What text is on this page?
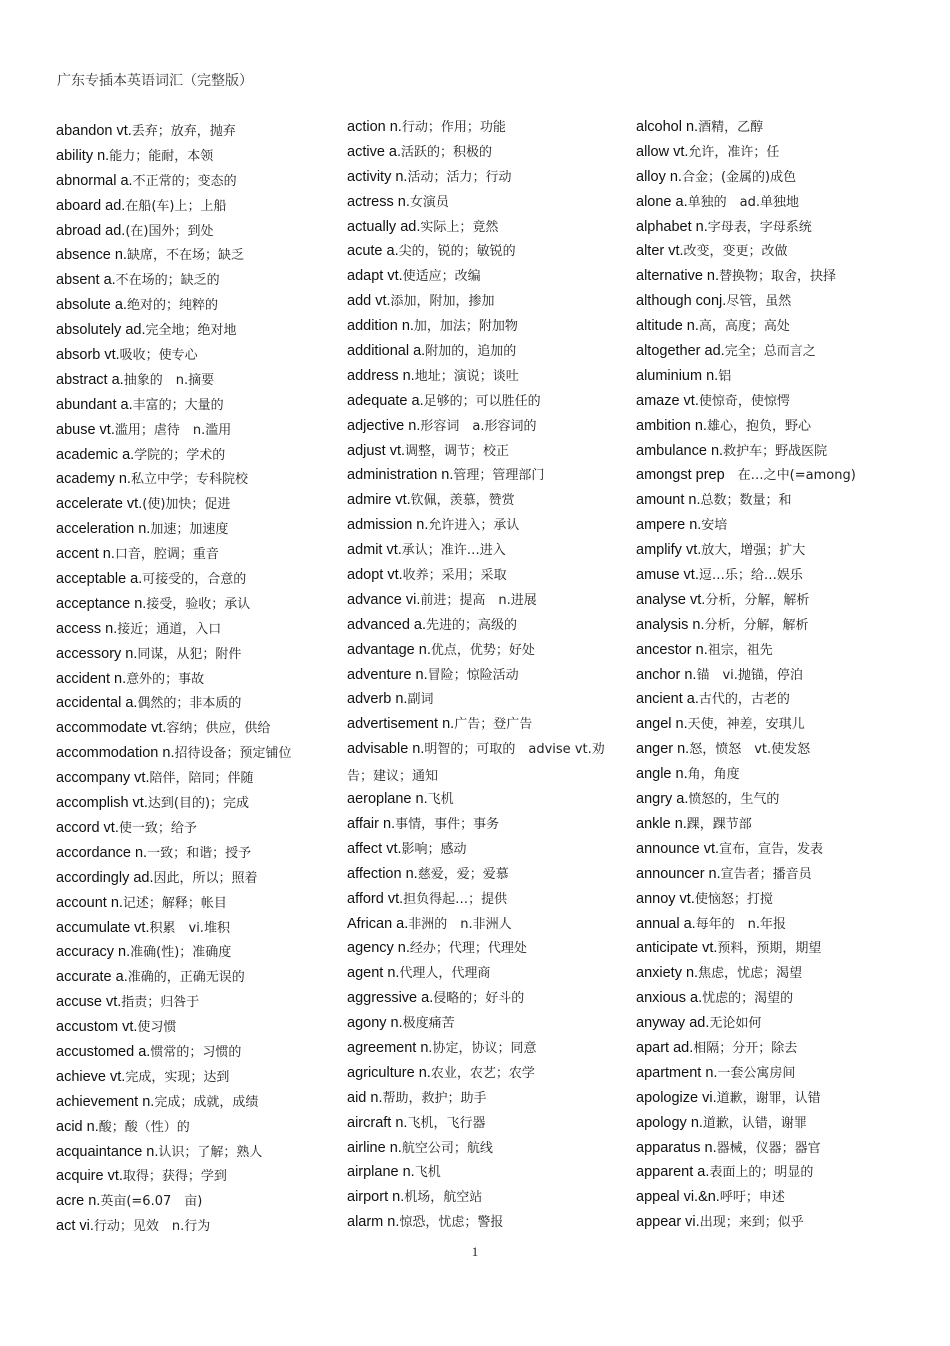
广东专插本英语词汇（完整版）
abandon vt.丢弃；放弃，抛弃
ability n.能力；能耐，本领
abnormal a.不正常的；变态的
aboard ad.在船(车)上；上船
abroad ad.(在)国外；到处
absence n.缺席，不在场；缺乏
absent a.不在场的；缺乏的
absolute a.绝对的；纯粹的
absolutely ad.完全地；绝对地
absorb vt.吸收；使专心
abstract a.抽象的　n.摘要
abundant a.丰富的；大量的
abuse vt.滥用；虐待　n.滥用
academic a.学院的；学术的
academy n.私立中学；专科院校
accelerate vt.(使)加快；促进
acceleration n.加速；加速度
accent n.口音，腔调；重音
acceptable a.可接受的，合意的
acceptance n.接受，验收；承认
access n.接近；通道，入口
accessory n.同谋，从犯；附件
accident n.意外的；事故
accidental a.偶然的；非本质的
accommodate vt.容纳；供应，供给
accommodation n.招待设备；预定铺位
accompany vt.陪伴，陪同；伴随
accomplish vt.达到(目的)；完成
accord vt.使一致；给予
accordance n.一致；和谐；授予
accordingly ad.因此，所以；照着
account n.记述；解释；帐目
accumulate vt.积累　vi.堆积
accuracy n.准确(性)；准确度
accurate a.准确的，正确无误的
accuse vt.指责；归咎于
accustom vt.使习惯
accustomed a.惯常的；习惯的
achieve vt.完成，实现；达到
achievement n.完成；成就，成绩
acid n.酸；酸（性）的
acquaintance n.认识；了解；熟人
acquire vt.取得；获得；学到
acre n.英亩(=6.07　亩)
act vi.行动；见效　n.行为
action n.行动；作用；功能
active a.活跃的；积极的
activity n.活动；活力；行动
actress n.女演员
actually ad.实际上；竟然
acute a.尖的，锐的；敏锐的
adapt vt.使适应；改编
add vt.添加，附加，掺加
addition n.加，加法；附加物
additional a.附加的，追加的
address n.地址；演说；谈吐
adequate a.足够的；可以胜任的
adjective n.形容词　a.形容词的
adjust vt.调整，调节；校正
administration n.管理；管理部门
admire vt.钦佩，羡慕，赞赏
admission n.允许进入；承认
admit vt.承认；准许…进入
adopt vt.收养；采用；采取
advance vi.前进；提高　n.进展
advanced a.先进的；高级的
advantage n.优点，优势；好处
adventure n.冒险；惊险活动
adverb n.副词
advertisement n.广告；登广告
advisable n.明智的；可取的　advise vt.劝告；建议；通知
aeroplane n.飞机
affair n.事情，事件；事务
affect vt.影响；感动
affection n.慈爱，爱；爱慕
afford vt.担负得起…；提供
African a.非洲的　n.非洲人
agency n.经办；代理；代理处
agent n.代理人，代理商
aggressive a.侵略的；好斗的
agony n.极度痛苦
agreement n.协定，协议；同意
agriculture n.农业，农艺；农学
aid n.帮助，救护；助手
aircraft n.飞机，飞行器
airline n.航空公司；航线
airplane n.飞机
airport n.机场，航空站
alarm n.惊恐，忧虑；警报
alcohol n.酒精，乙醇
allow vt.允许，准许；任
alloy n.合金；(金属的)成色
alone a.单独的　ad.单独地
alphabet n.字母表，字母系统
alter vt.改变，变更；改做
alternative n.替换物；取舍，抉择
although conj.尽管，虽然
altitude n.高，高度；高处
altogether ad.完全；总而言之
aluminium n.铝
amaze vt.使惊奇，使惊愕
ambition n.雄心，抱负，野心
ambulance n.救护车；野战医院
amongst prep　在…之中(=among)
amount n.总数；数量；和
ampere n.安培
amplify vt.放大，增强；扩大
amuse vt.逗…乐；给…娱乐
analyse vt.分析，分解，解析
analysis n.分析，分解，解析
ancestor n.祖宗，祖先
anchor n.锚　vi.抛锚，停泊
ancient a.古代的，古老的
angel n.天使，神差，安琪儿
anger n.怒，愤怒　vt.使发怒
angle n.角，角度
angry a.愤怒的，生气的
ankle n.踝，踝节部
announce vt.宣布，宣告，发表
announcer n.宣告者；播音员
annoy vt.使恼怒；打搅
annual a.每年的　n.年报
anticipate vt.预料，预期，期望
anxiety n.焦虑，忧虑；渴望
anxious a.忧虑的；渴望的
anyway ad.无论如何
apart ad.相隔；分开；除去
apartment n.一套公寓房间
apologize vi.道歉，谢罪，认错
apology n.道歉，认错，谢罪
apparatus n.器械，仪器；器官
apparent a.表面上的；明显的
appeal vi.&n.呼吁；申述
appear vi.出现；来到；似乎
1
